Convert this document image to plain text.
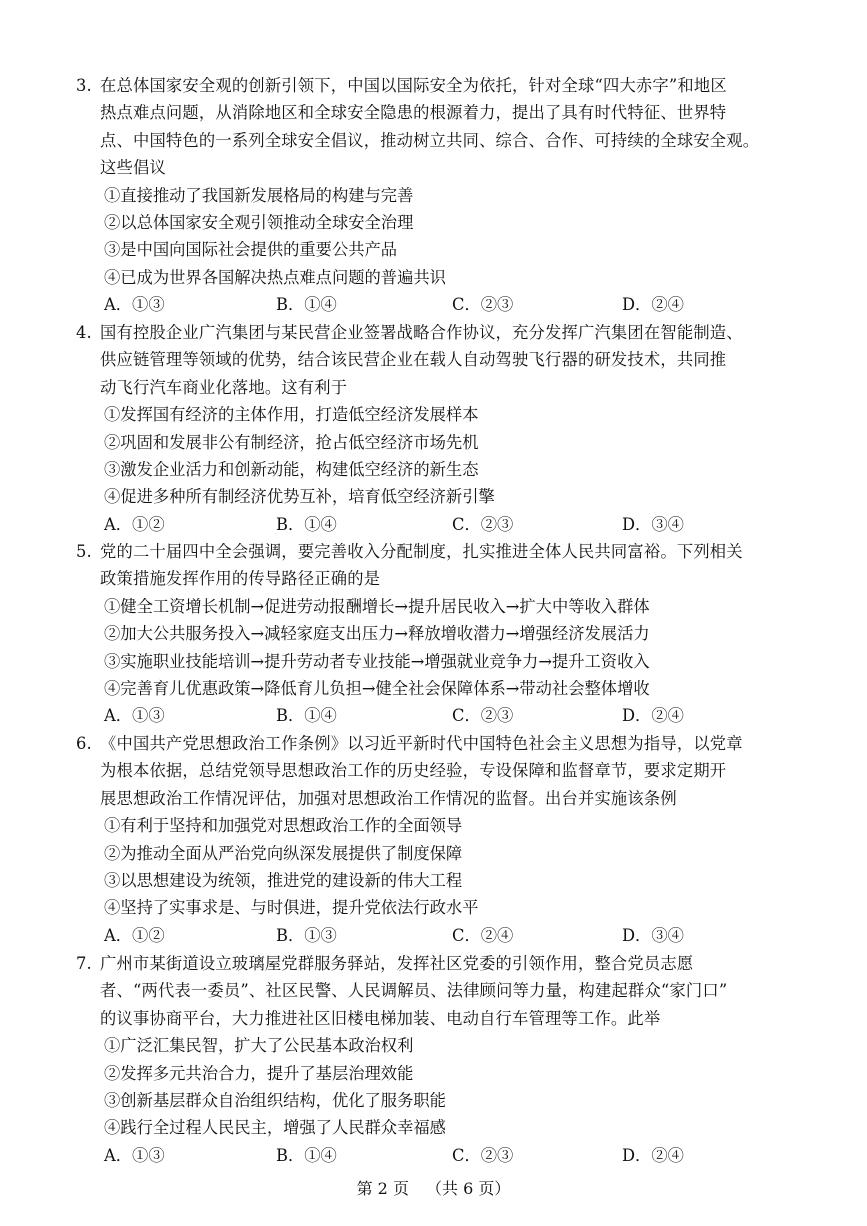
3. 在总体国家安全观的创新引领下，中国以国际安全为依托，针对全球“四大赤字”和地区
热点难点问题，从消除地区和全球安全隐患的根源着力，提出了具有时代特征、世界特
点、中国特色的一系列全球安全倡议，推动树立共同、综合、合作、可持续的全球安全观。
这些倡议
①直接推动了我国新发展格局的构建与完善
②以总体国家安全观引领推动全球安全治理
③是中国向国际社会提供的重要公共产品
④已成为世界各国解决热点难点问题的普遍共识
A．①③	B．①④	C．②③	D．②④
4. 国有控股企业广汽集团与某民营企业签署战略合作协议，充分发挥广汽集团在智能制造、
供应链管理等领域的优势，结合该民营企业在载人自动驾驶飞行器的研发技术，共同推
动飞行汽车商业化落地。这有利于
①发挥国有经济的主体作用，打造低空经济发展样本
②巩固和发展非公有制经济，抢占低空经济市场先机
③激发企业活力和创新动能，构建低空经济的新生态
④促进多种所有制经济优势互补，培育低空经济新引擎
A．①②	B．①④	C．②③	D．③④
5. 党的二十届四中全会强调，要完善收入分配制度，扎实推进全体人民共同富裕。下列相关
政策措施发挥作用的传导路径正确的是
①健全工资增长机制→促进劳动报酬增长→提升居民收入→扩大中等收入群体
②加大公共服务投入→减轻家庭支出压力→释放增收潜力→增强经济发展活力
③实施职业技能培训→提升劳动者专业技能→增强就业竞争力→提升工资收入
④完善育儿优惠政策→降低育儿负担→健全社会保障体系→带动社会整体增收
A．①③	B．①④	C．②③	D．②④
6. 《中国共产党思想政治工作条例》以习近平新时代中国特色社会主义思想为指导，以党章
为根本依据，总结党领导思想政治工作的历史经验，专设保障和监督章节，要求定期开
展思想政治工作情况评估，加强对思想政治工作情况的监督。出台并实施该条例
①有利于坚持和加强党对思想政治工作的全面领导
②为推动全面从严治党向纵深发展提供了制度保障
③以思想建设为统领，推进党的建设新的伟大工程
④坚持了实事求是、与时俱进，提升党依法行政水平
A．①②	B．①③	C．②④	D．③④
7. 广州市某街道设立玻璃屋党群服务驿站，发挥社区党委的引领作用，整合党员志愿
者、“两代表一委员”、社区民警、人民调解员、法律顾问等力量，构建起群众“家门口”
的议事协商平台，大力推进社区旧楼电梯加装、电动自行车管理等工作。此举
①广泛汇集民智，扩大了公民基本政治权利
②发挥多元共治合力，提升了基层治理效能
③创新基层群众自治组织结构，优化了服务职能
④践行全过程人民民主，增强了人民群众幸福感
A．①③	B．①④	C．②③	D．②④
第 2 页 （共 6 页）
